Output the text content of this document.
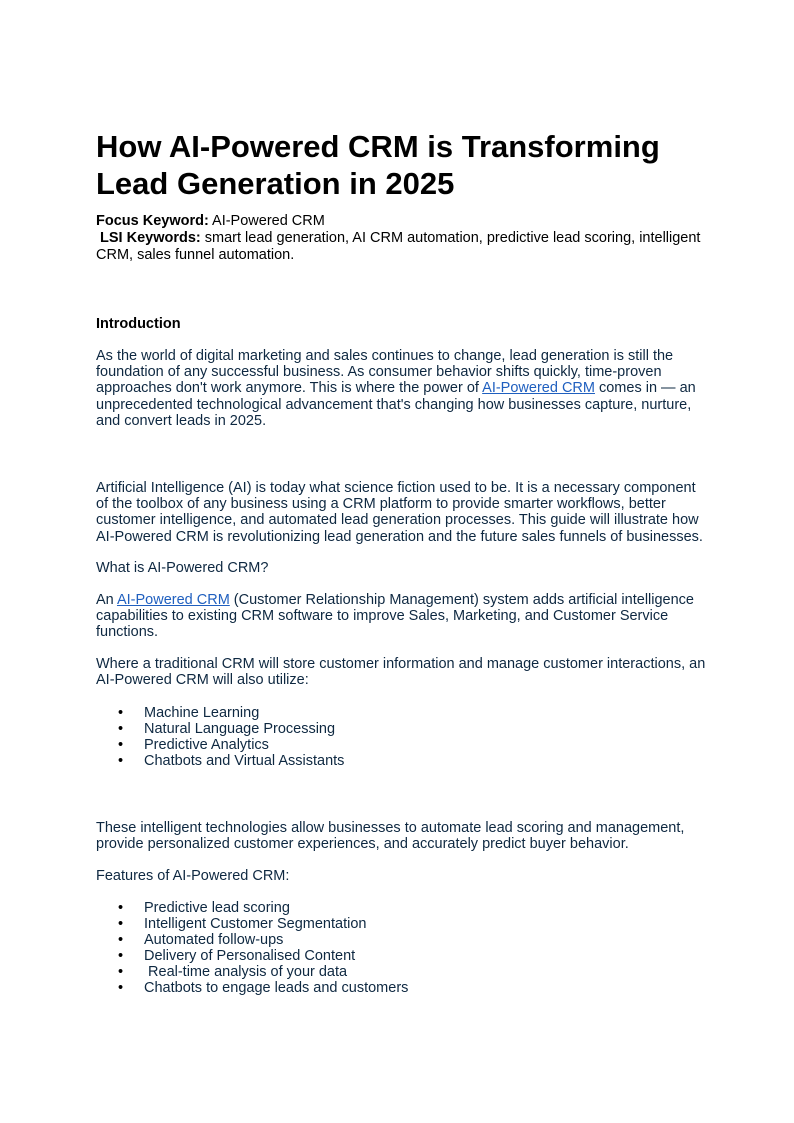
How AI-Powered CRM is Transforming Lead Generation in 2025
Focus Keyword: AI-Powered CRM
LSI Keywords: smart lead generation, AI CRM automation, predictive lead scoring, intelligent CRM, sales funnel automation.

Introduction

As the world of digital marketing and sales continues to change, lead generation is still the foundation of any successful business. As consumer behavior shifts quickly, time-proven approaches don't work anymore. This is where the power of AI-Powered CRM comes in — an unprecedented technological advancement that's changing how businesses capture, nurture, and convert leads in 2025.

Artificial Intelligence (AI) is today what science fiction used to be. It is a necessary component of the toolbox of any business using a CRM platform to provide smarter workflows, better customer intelligence, and automated lead generation processes. This guide will illustrate how AI-Powered CRM is revolutionizing lead generation and the future sales funnels of businesses.

What is AI-Powered CRM?

An AI-Powered CRM (Customer Relationship Management) system adds artificial intelligence capabilities to existing CRM software to improve Sales, Marketing, and Customer Service functions.

Where a traditional CRM will store customer information and manage customer interactions, an AI-Powered CRM will also utilize:

• Machine Learning
• Natural Language Processing
• Predictive Analytics
• Chatbots and Virtual Assistants

These intelligent technologies allow businesses to automate lead scoring and management, provide personalized customer experiences, and accurately predict buyer behavior.

Features of AI-Powered CRM:

• Predictive lead scoring
• Intelligent Customer Segmentation
• Automated follow-ups
• Delivery of Personalised Content
• Real-time analysis of your data
• Chatbots to engage leads and customers
